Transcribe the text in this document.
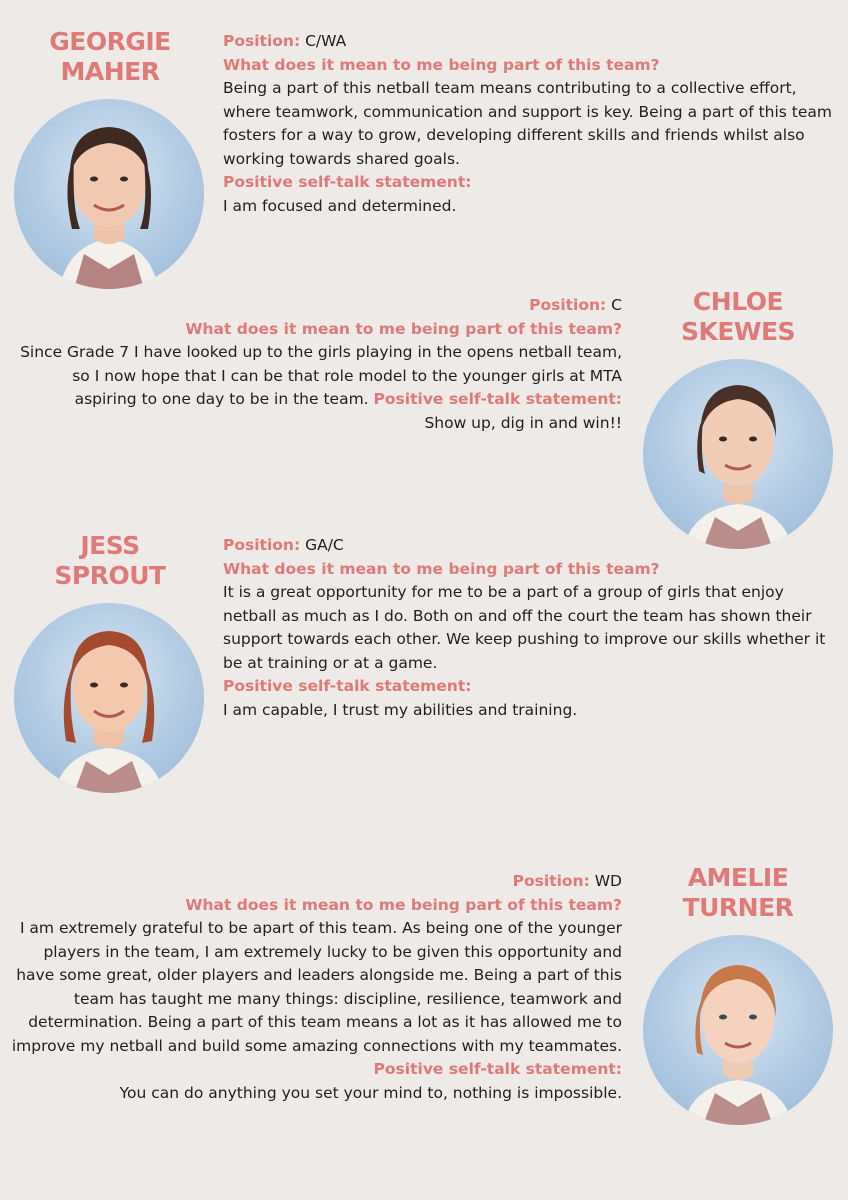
GEORGIE
MAHER
Position: C/WA
What does it mean to me being part of this team?
Being a part of this netball team means contributing to a collective effort, where teamwork, communication and support is key. Being a part of this team fosters for a way to grow, developing different skills and friends whilst also working towards shared goals.
Positive self-talk statement:
I am focused and determined.
CHLOE
SKEWES
Position: C
What does it mean to me being part of this team?
Since Grade 7 I have looked up to the girls playing in the opens netball team, so I now hope that I can be that role model to the younger girls at MTA aspiring to one day to be in the team. Positive self-talk statement:
Show up, dig in and win!!
JESS
SPROUT
Position: GA/C
What does it mean to me being part of this team?
It is a great opportunity for me to be a part of a group of girls that enjoy netball as much as I do. Both on and off the court the team has shown their support towards each other. We keep pushing to improve our skills whether it be at training or at a game.
Positive self-talk statement:
I am capable, I trust my abilities and training.
AMELIE
TURNER
Position: WD
What does it mean to me being part of this team?
I am extremely grateful to be apart of this team. As being one of the younger players in the team, I am extremely lucky to be given this opportunity and have some great, older players and leaders alongside me. Being a part of this team has taught me many things: discipline, resilience, teamwork and determination. Being a part of this team means a lot as it has allowed me to improve my netball and build some amazing connections with my teammates.
Positive self-talk statement:
You can do anything you set your mind to, nothing is impossible.
